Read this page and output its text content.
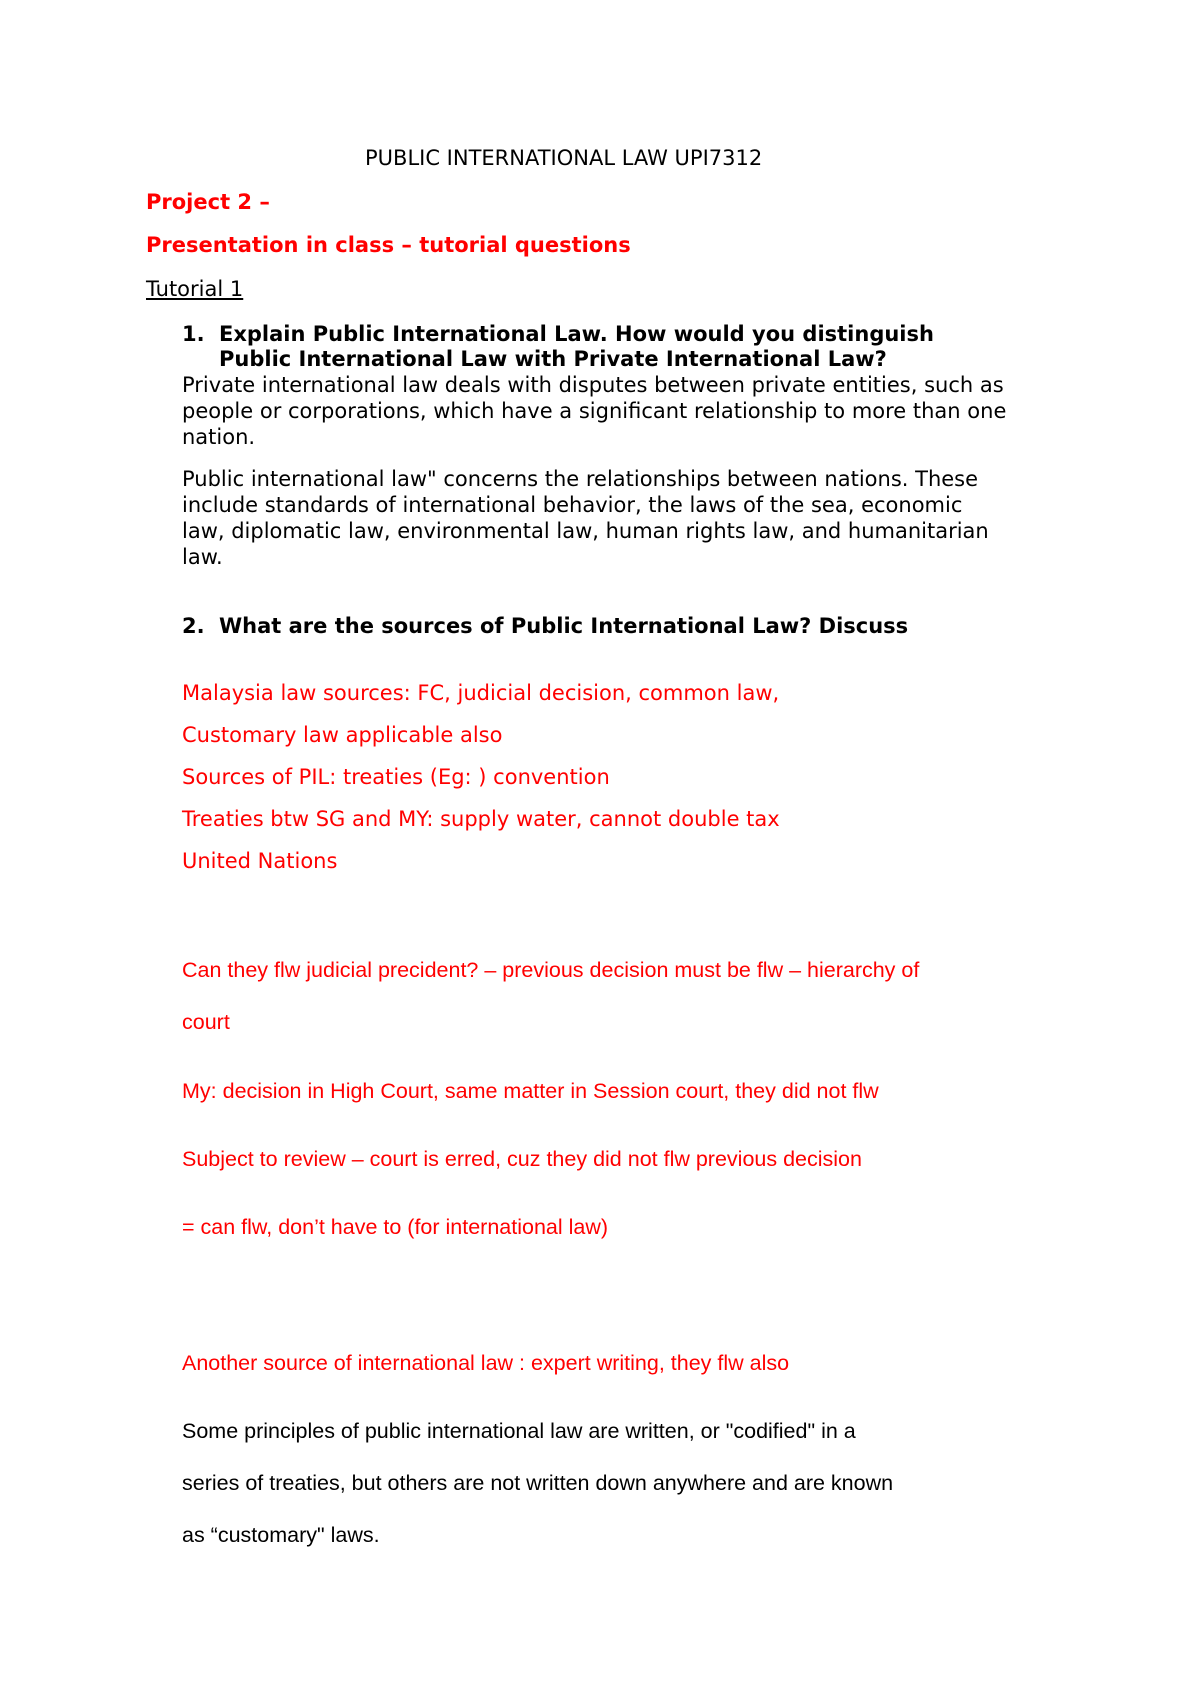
PUBLIC INTERNATIONAL LAW UPI7312

Project 2 –

Presentation in class – tutorial questions

Tutorial 1

1. Explain Public International Law. How would you distinguish

Public International Law with Private International Law?

Private international law deals with disputes between private entities, such as

people or corporations, which have a significant relationship to more than one

nation.

Public international law" concerns the relationships between nations. These

include standards of international behavior, the laws of the sea, economic

law, diplomatic law, environmental law, human rights law, and humanitarian

law.

2. What are the sources of Public International Law? Discuss

Malaysia law sources: FC, judicial decision, common law,

Customary law applicable also

Sources of PIL: treaties (Eg: ) convention

Treaties btw SG and MY: supply water, cannot double tax

United Nations

Can they flw judicial precident? – previous decision must be flw – hierarchy of

court

My: decision in High Court, same matter in Session court, they did not flw

Subject to review – court is erred, cuz they did not flw previous decision

= can flw, don’t have to (for international law)

Another source of international law : expert writing, they flw also

Some principles of public international law are written, or "codified" in a

series of treaties, but others are not written down anywhere and are known

as “customary" laws.
